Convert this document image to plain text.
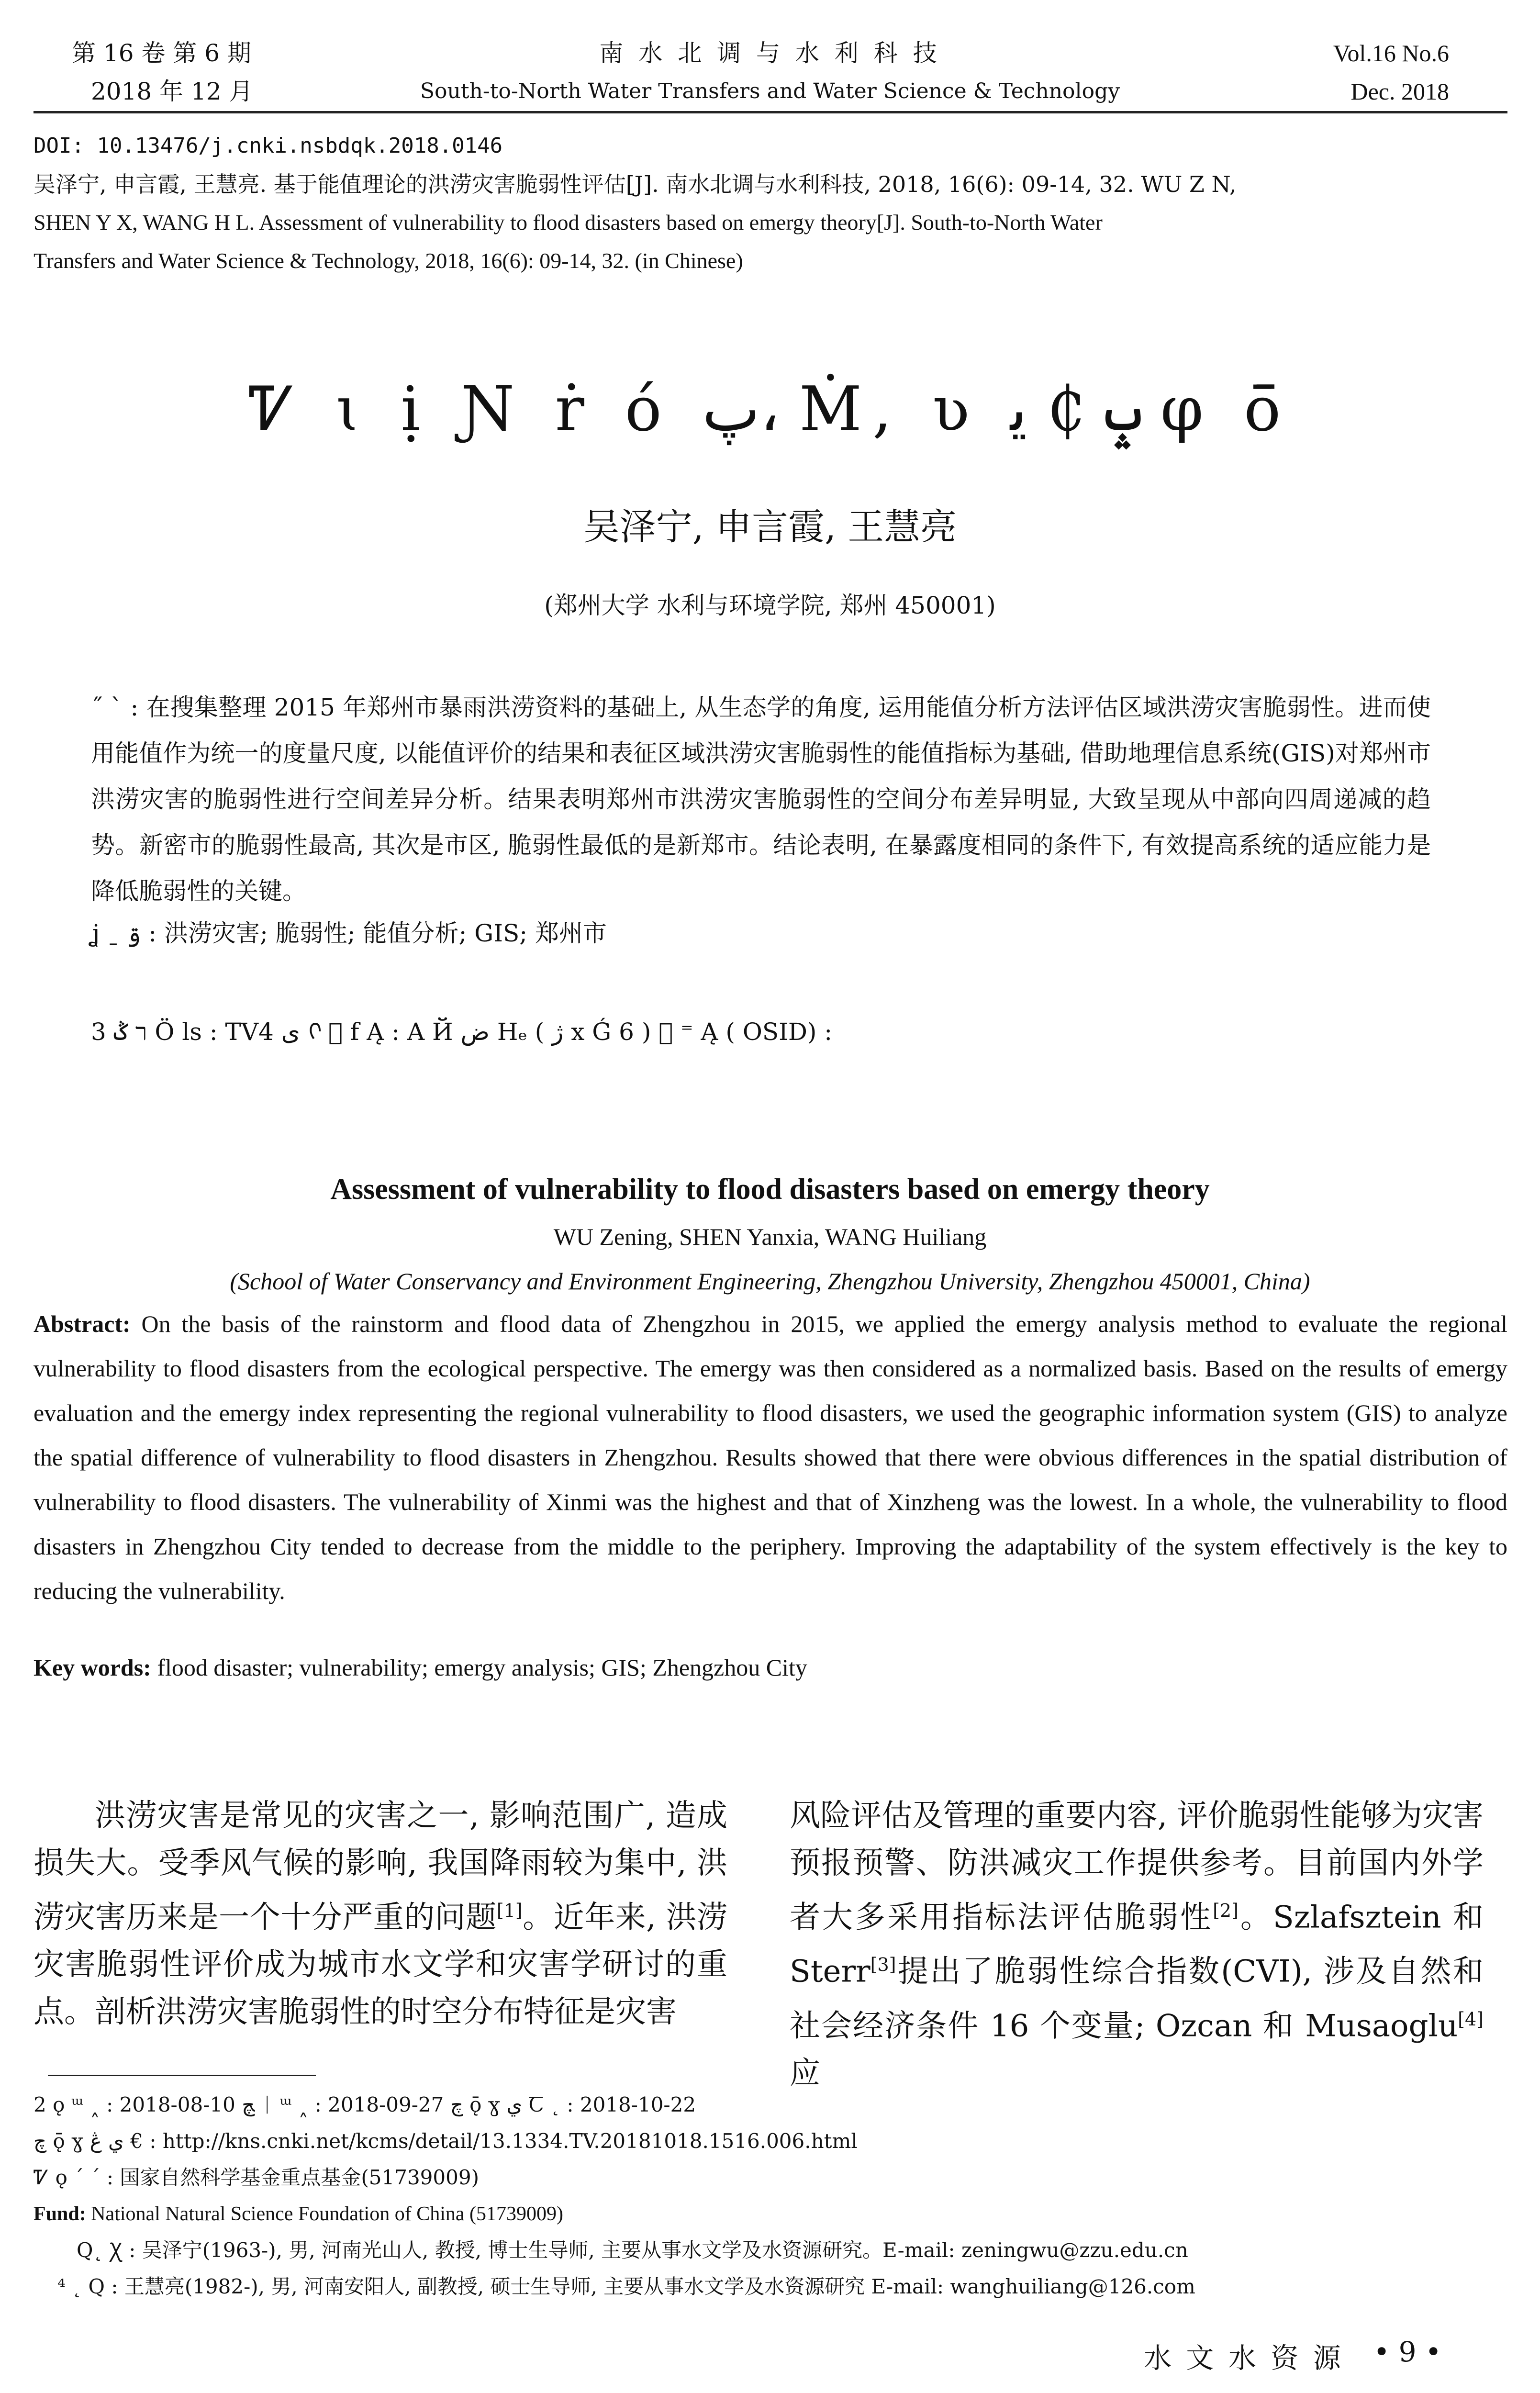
第 16 卷 第 6 期
2018 年 12 月
南 水 北 调 与 水 利 科 技
South-to-North Water Transfers and Water Science & Technology
Vol.16 No.6
Dec. 2018
DOI: 10.13476/j.cnki.nsbdqk.2018.0146
吴泽宁, 申言霞, 王慧亮. 基于能值理论的洪涝灾害脆弱性评估[J]. 南水北调与水利科技, 2018, 16(6): 09-14, 32. WU Z N,
SHEN Y X, WANG H L. Assessment of vulnerability to flood disasters based on emergy theory[J]. South-to-North Water
Transfers and Water Science & Technology, 2018, 16(6): 09-14, 32. (in Chinese)
Ꮴ ꙇ ị Ɲ ṙ ó ﭖ، Ṁ, ʋ ݒ ₵ ﯾ φ ō̄
吴泽宁, 申言霞, 王慧亮
(郑州大学 水利与环境学院, 郑州 450001)
˝ ˋ : 在搜集整理 2015 年郑州市暴雨洪涝资料的基础上, 从生态学的角度, 运用能值分析方法评估区域洪涝灾害脆弱性。进而使用能值作为统一的度量尺度, 以能值评价的结果和表征区域洪涝灾害脆弱性的能值指标为基础, 借助地理信息系统(GIS)对郑州市洪涝灾害的脆弱性进行空间差异分析。结果表明郑州市洪涝灾害脆弱性的空间分布差异明显, 大致呈现从中部向四周递减的趋势。新密市的脆弱性最高, 其次是市区, 脆弱性最低的是新郑市。结论表明, 在暴露度相同的条件下, 有效提高系统的适应能力是降低脆弱性的关键。
ʝ ˍ ۊ : 洪涝灾害; 脆弱性; 能值分析; GIS; 郑州市
3 ר ݣ Ö ls : TV4 ى ᢉ ⃞ f Ą : A Й ض Hₑ ( ژ x Ǵ 6 ) ⃞ ⁼ Ą ( OSID) :
Assessment of vulnerability to flood disasters based on emergy theory
WU Zening, SHEN Yanxia, WANG Huiliang
(School of Water Conservancy and Environment Engineering, Zhengzhou University, Zhengzhou 450001, China)
Abstract: On the basis of the rainstorm and flood data of Zhengzhou in 2015, we applied the emergy analysis method to evaluate the regional vulnerability to flood disasters from the ecological perspective. The emergy was then considered as a normalized basis. Based on the results of emergy evaluation and the emergy index representing the regional vulnerability to flood disasters, we used the geographic information system (GIS) to analyze the spatial difference of vulnerability to flood disasters in Zhengzhou. Results showed that there were obvious differences in the spatial distribution of vulnerability to flood disasters. The vulnerability of Xinmi was the highest and that of Xinzheng was the lowest. In a whole, the vulnerability to flood disasters in Zhengzhou City tended to decrease from the middle to the periphery. Improving the adaptability of the system effectively is the key to reducing the vulnerability.
Key words: flood disaster; vulnerability; emergy analysis; GIS; Zhengzhou City
洪涝灾害是常见的灾害之一, 影响范围广, 造成损失大。受季风气候的影响, 我国降雨较为集中, 洪涝灾害历来是一个十分严重的问题[1]。近年来, 洪涝灾害脆弱性评价成为城市水文学和灾害学研讨的重点。剖析洪涝灾害脆弱性的时空分布特征是灾害
风险评估及管理的重要内容, 评价脆弱性能够为灾害预报预警、防洪减灾工作提供参考。目前国内外学者大多采用指标法评估脆弱性[2]。Szlafsztein 和 Sterr[3]提出了脆弱性综合指数(CVI), 涉及自然和社会经济条件 16 个变量; Ozcan 和 Musaoglu[4]应
2 ǫ ᵚ ˰ : 2018-08-10 ﭻ ᛁ ᵚ ˰ : 2018-09-27 ﭺ ǭ ɣ ي Ꞇ ˛ : 2018-10-22
ﭺ ǭ ɣ ي ڠ € : http://kns.cnki.net/kcms/detail/13.1334.TV.20181018.1516.006.html
Ꮴ ǫ ˊ ˊ : 国家自然科学基金重点基金(51739009)
Fund: National Natural Science Foundation of China (51739009)
Q˛ Ꭓ : 吴泽宁(1963-), 男, 河南光山人, 教授, 博士生导师, 主要从事水文学及水资源研究。E-mail: zeningwu@zzu.edu.cn
⁴ ˛ Q : 王慧亮(1982-), 男, 河南安阳人, 副教授, 硕士生导师, 主要从事水文学及水资源研究 E-mail: wanghuiliang@126.com
水 文 水 资 源 • 9 •
